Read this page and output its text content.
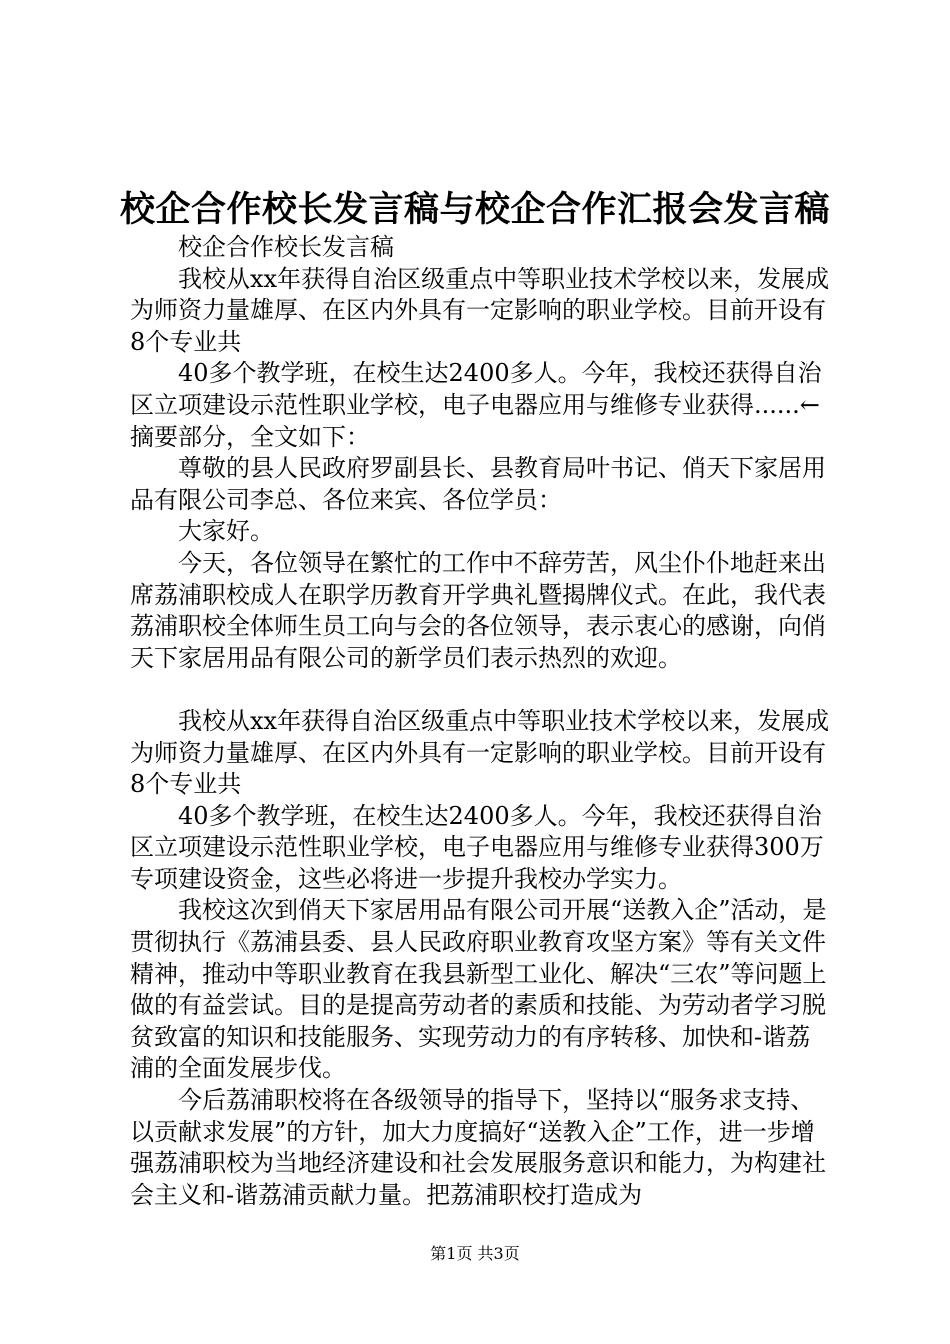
校企合作校长发言稿与校企合作汇报会发言稿

校企合作校长发言稿

我校从xx年获得自治区级重点中等职业技术学校以来，发展成为师资力量雄厚、在区内外具有一定影响的职业学校。目前开设有8个专业共

40多个教学班，在校生达2400多人。今年，我校还获得自治区立项建设示范性职业学校，电子电器应用与维修专业获得......←摘要部分，全文如下：

尊敬的县人民政府罗副县长、县教育局叶书记、俏天下家居用品有限公司李总、各位来宾、各位学员：

大家好。

今天，各位领导在繁忙的工作中不辞劳苦，风尘仆仆地赶来出席荔浦职校成人在职学历教育开学典礼暨揭牌仪式。在此，我代表荔浦职校全体师生员工向与会的各位领导，表示衷心的感谢，向俏天下家居用品有限公司的新学员们表示热烈的欢迎。

我校从xx年获得自治区级重点中等职业技术学校以来，发展成为师资力量雄厚、在区内外具有一定影响的职业学校。目前开设有8个专业共

40多个教学班，在校生达2400多人。今年，我校还获得自治区立项建设示范性职业学校，电子电器应用与维修专业获得300万专项建设资金，这些必将进一步提升我校办学实力。

我校这次到俏天下家居用品有限公司开展“送教入企”活动，是贯彻执行《荔浦县委、县人民政府职业教育攻坚方案》等有关文件精神，推动中等职业教育在我县新型工业化、解决“三农”等问题上做的有益尝试。目的是提高劳动者的素质和技能、为劳动者学习脱贫致富的知识和技能服务、实现劳动力的有序转移、加快和-谐荔浦的全面发展步伐。

今后荔浦职校将在各级领导的指导下，坚持以“服务求支持、以贡献求发展”的方针，加大力度搞好“送教入企”工作，进一步增强荔浦职校为当地经济建设和社会发展服务意识和能力，为构建社会主义和-谐荔浦贡献力量。把荔浦职校打造成为

第1页 共3页
